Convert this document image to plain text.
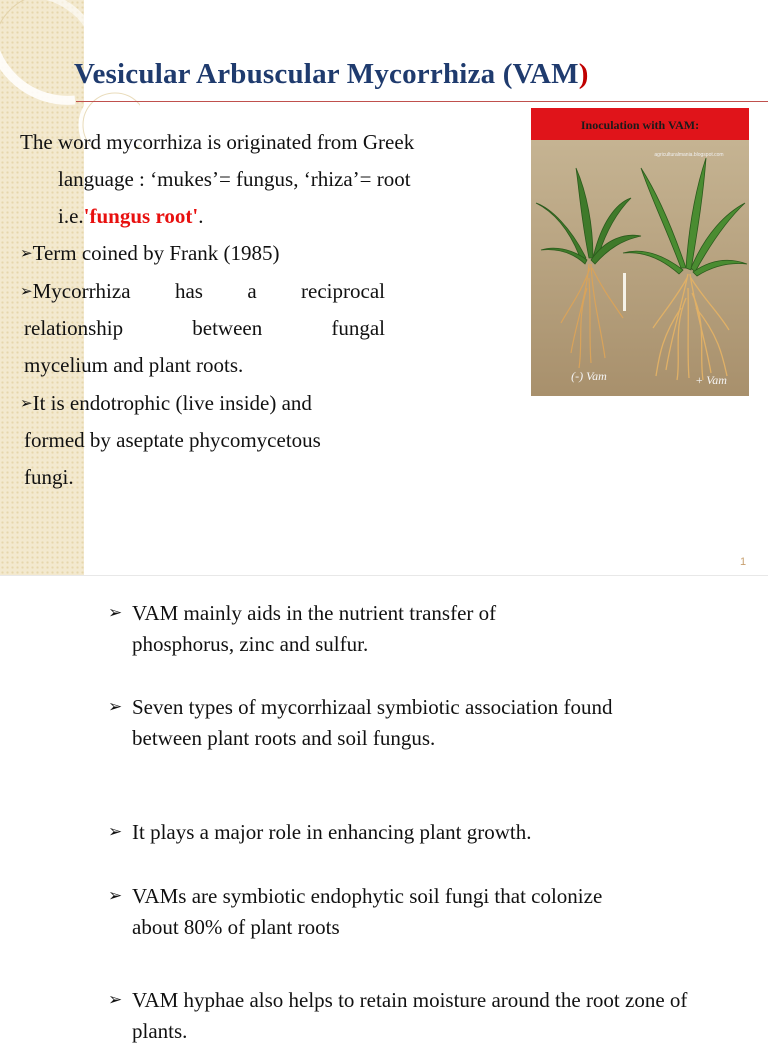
Vesicular Arbuscular Mycorrhiza (VAM)
The word mycorrhiza is originated from Greek
language : ‘mukes’= fungus, ‘rhiza’= root
i.e.'fungus root'.
➢Term coined by Frank (1985)
➢Mycorrhiza has a reciprocal
relationship	between	fungal
mycelium and plant roots.
➢It is endotrophic (live inside) and
formed by aseptate phycomycetous
fungi.
Inoculation with VAM:
agriculturalmania.blogspot.com
(-) Vam	+ Vam
1
➢ VAM mainly aids in the nutrient transfer of phosphorus, zinc and sulfur.
➢ Seven types of mycorrhizaal symbiotic association found between plant roots and soil fungus.
➢ It plays a major role in enhancing plant growth.
➢ VAMs are symbiotic endophytic soil fungi that colonize about 80% of plant roots
➢ VAM hyphae also helps to retain moisture around the root zone of plants.
